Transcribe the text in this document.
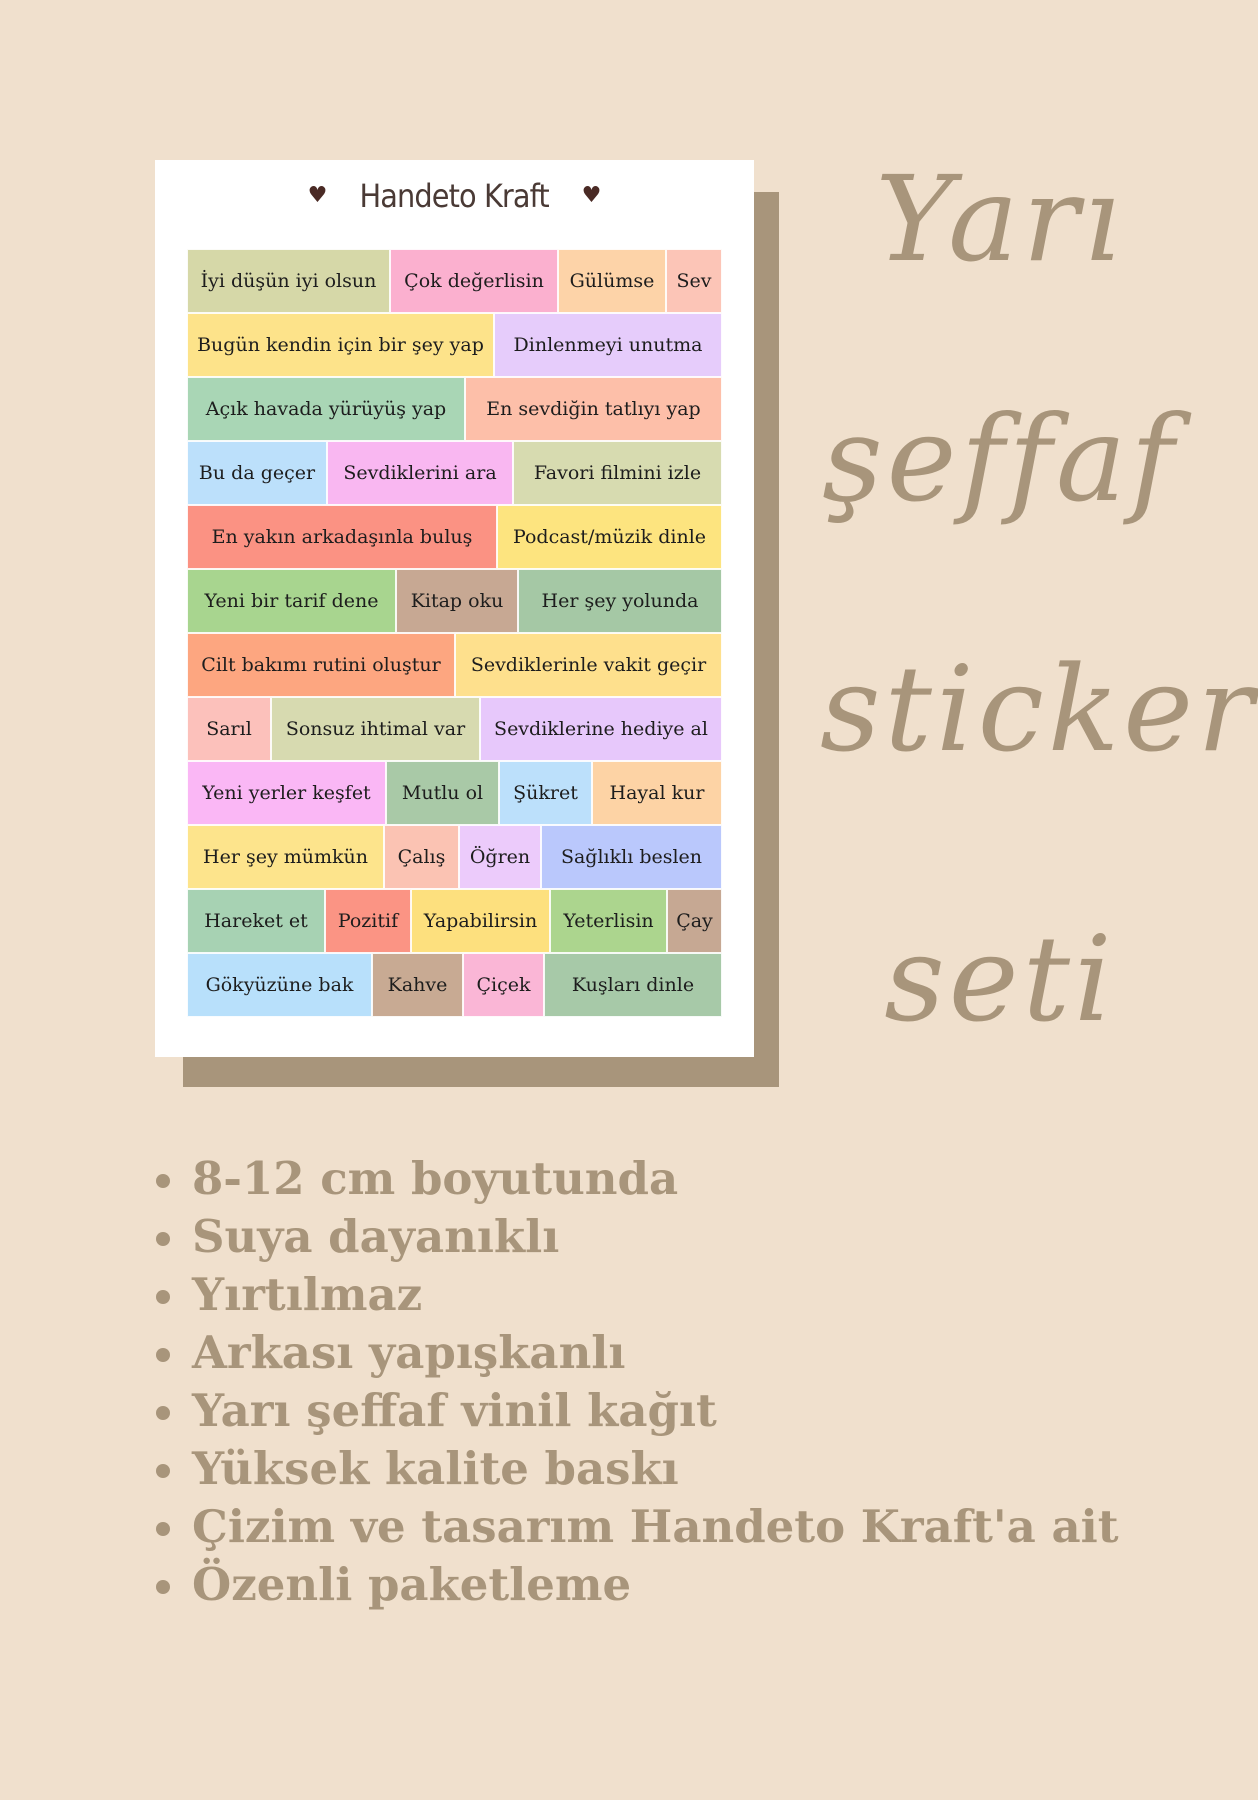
♥ Handeto Kraft ♥
İyi düşün iyi olsun	Çok değerlisin	Gülümse	Sev
Bugün kendin için bir şey yap	Dinlenmeyi unutma
Açık havada yürüyüş yap	En sevdiğin tatlıyı yap
Bu da geçer	Sevdiklerini ara	Favori filmini izle
En yakın arkadaşınla buluş	Podcast/müzik dinle
Yeni bir tarif dene	Kitap oku	Her şey yolunda
Cilt bakımı rutini oluştur	Sevdiklerinle vakit geçir
Sarıl	Sonsuz ihtimal var	Sevdiklerine hediye al
Yeni yerler keşfet	Mutlu ol	Şükret	Hayal kur
Her şey mümkün	Çalış	Öğren	Sağlıklı beslen
Hareket et	Pozitif	Yapabilirsin	Yeterlisin	Çay
Gökyüzüne bak	Kahve	Çiçek	Kuşları dinle
Yarı
şeffaf
sticker
seti
8-12 cm boyutunda
Suya dayanıklı
Yırtılmaz
Arkası yapışkanlı
Yarı şeffaf vinil kağıt
Yüksek kalite baskı
Çizim ve tasarım Handeto Kraft'a ait
Özenli paketleme
